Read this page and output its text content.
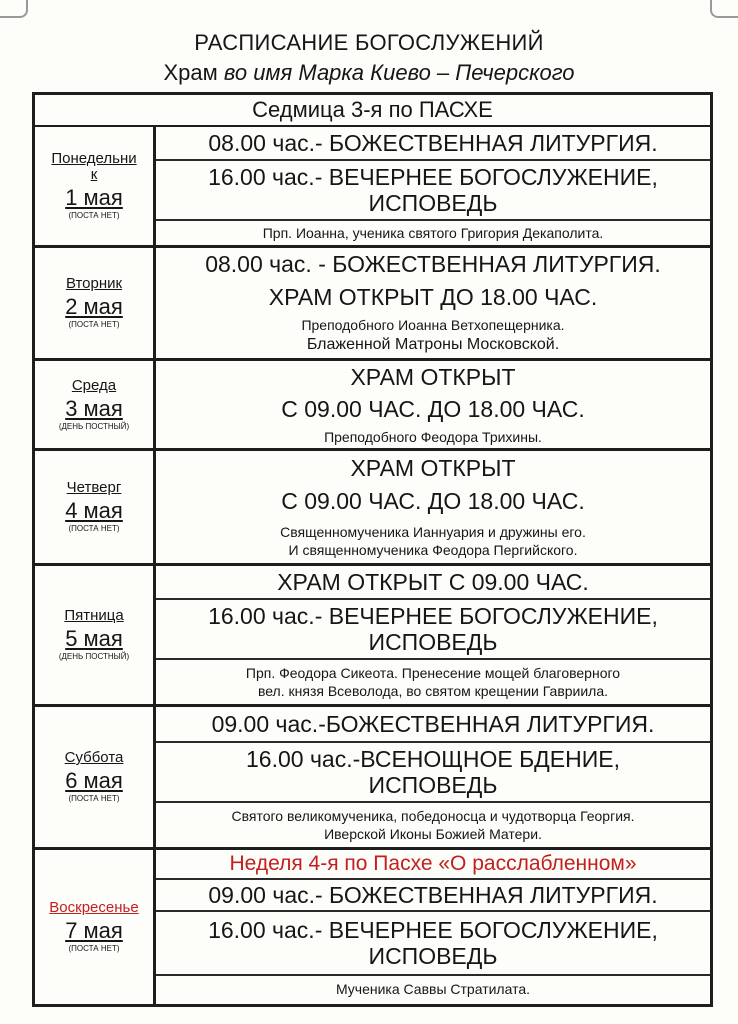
РАСПИСАНИЕ БОГОСЛУЖЕНИЙ
Храм во имя Марка Киево – Печерского
Седмица 3-я по ПАСХЕ
Понедельни
к
1 мая
(ПОСТА НЕТ)
08.00 час.- БОЖЕСТВЕННАЯ ЛИТУРГИЯ.
16.00 час.- ВЕЧЕРНЕЕ БОГОСЛУЖЕНИЕ,
ИСПОВЕДЬ
Прп. Иоанна, ученика святого Григория Декаполита.
Вторник
2 мая
(ПОСТА НЕТ)
08.00 час. - БОЖЕСТВЕННАЯ ЛИТУРГИЯ.
ХРАМ ОТКРЫТ ДО 18.00 ЧАС.
Преподобного Иоанна Ветхопещерника.
Блаженной Матроны Московской.
Среда
3 мая
(ДЕНЬ ПОСТНЫЙ)
ХРАМ ОТКРЫТ
С 09.00 ЧАС. ДО 18.00 ЧАС.
Преподобного Феодора Трихины.
Четверг
4 мая
(ПОСТА НЕТ)
ХРАМ ОТКРЫТ
С 09.00 ЧАС. ДО 18.00 ЧАС.
Священномученика Ианнуария и дружины его.
И священномученика Феодора Пергийского.
Пятница
5 мая
(ДЕНЬ ПОСТНЫЙ)
ХРАМ ОТКРЫТ С 09.00 ЧАС.
16.00 час.- ВЕЧЕРНЕЕ БОГОСЛУЖЕНИЕ,
ИСПОВЕДЬ
Прп. Феодора Сикеота. Пренесение мощей благоверного
вел. князя Всеволода, во святом крещении Гавриила.
Суббота
6 мая
(ПОСТА НЕТ)
09.00 час.-БОЖЕСТВЕННАЯ ЛИТУРГИЯ.
16.00 час.-ВСЕНОЩНОЕ БДЕНИЕ,
ИСПОВЕДЬ
Святого великомученика, победоносца и чудотворца Георгия.
Иверской Иконы Божией Матери.
Воскресенье
7 мая
(ПОСТА НЕТ)
Неделя 4-я по Пасхе «О расслабленном»
09.00 час.- БОЖЕСТВЕННАЯ ЛИТУРГИЯ.
16.00 час.- ВЕЧЕРНЕЕ БОГОСЛУЖЕНИЕ,
ИСПОВЕДЬ
Мученика Саввы Стратилата.
